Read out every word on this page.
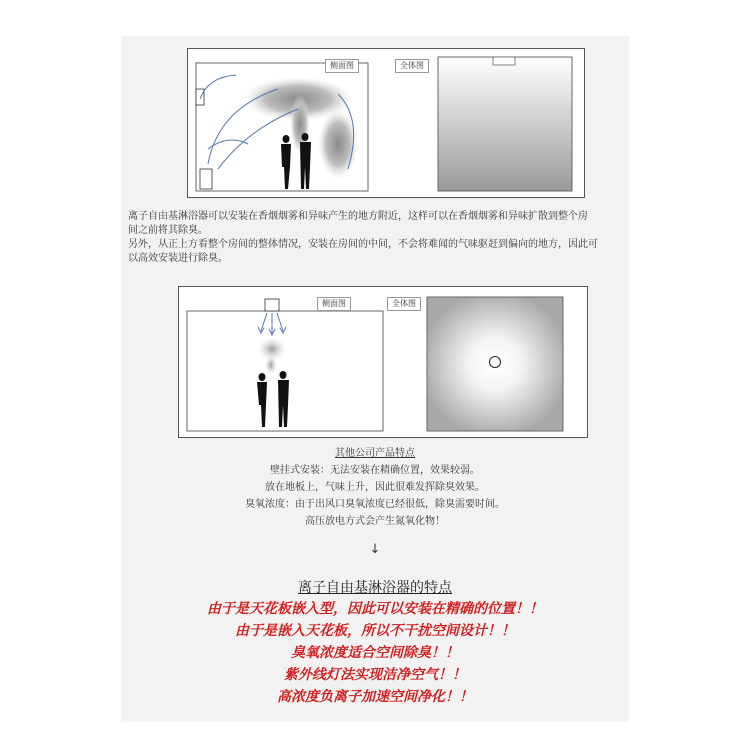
侧面图	全体图
离子自由基淋浴器可以安装在香烟烟雾和异味产生的地方附近，这样可以在香烟烟雾和异味扩散到整个房
间之前将其除臭。
另外，从正上方看整个房间的整体情况，安装在房间的中间，不会将难闻的气味驱赶到偏向的地方，因此可
以高效安装进行除臭。
侧面图	全体图
其他公司产品特点
壁挂式安装：无法安装在精确位置，效果较弱。
放在地板上，气味上升，因此很难发挥除臭效果。
臭氧浓度：由于出风口臭氧浓度已经很低，除臭需要时间。
高压放电方式会产生氮氧化物！
↓

离子自由基淋浴器的特点

由于是天花板嵌入型，因此可以安装在精确的位置！！

由于是嵌入天花板，所以不干扰空间设计！！

臭氧浓度适合空间除臭！！

紫外线灯法实现洁净空气！！

高浓度负离子加速空间净化！！
